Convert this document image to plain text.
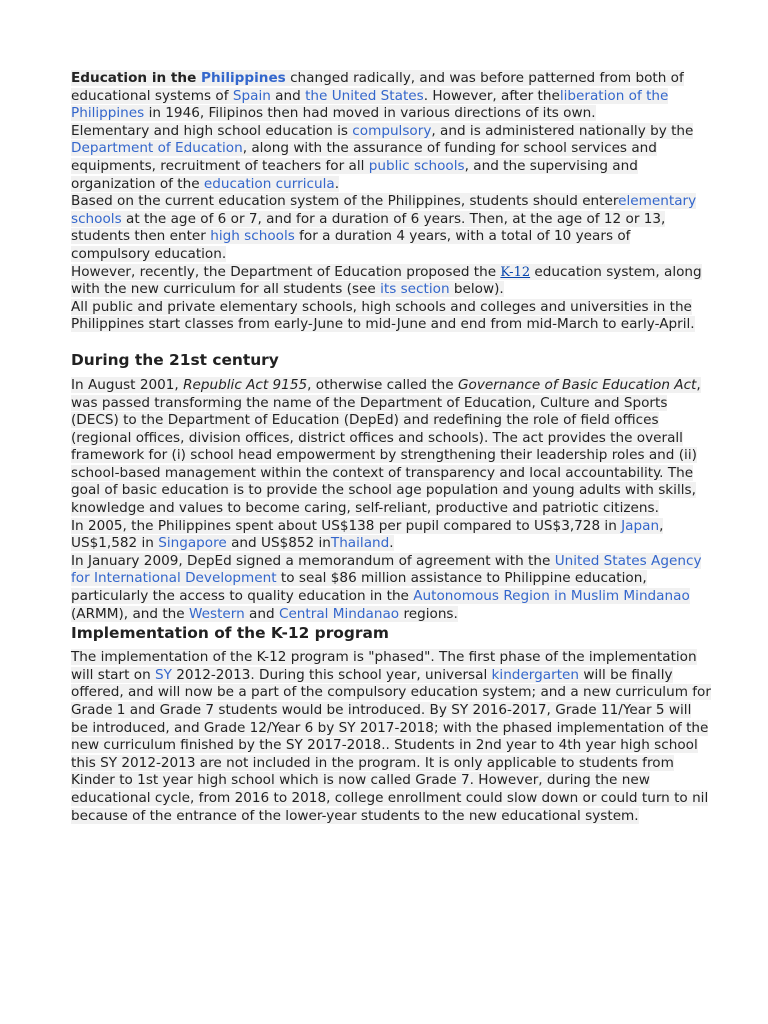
Education in the Philippines changed radically, and was before patterned from both of educational systems of Spain and the United States. However, after theliberation of the Philippines in 1946, Filipinos then had moved in various directions of its own.

Elementary and high school education is compulsory, and is administered nationally by the Department of Education, along with the assurance of funding for school services and equipments, recruitment of teachers for all public schools, and the supervising and organization of the education curricula.

Based on the current education system of the Philippines, students should enterelementary schools at the age of 6 or 7, and for a duration of 6 years. Then, at the age of 12 or 13, students then enter high schools for a duration 4 years, with a total of 10 years of compulsory education.

However, recently, the Department of Education proposed the K-12 education system, along with the new curriculum for all students (see its section below).

All public and private elementary schools, high schools and colleges and universities in the Philippines start classes from early-June to mid-June and end from mid-March to early-April.

During the 21st century

In August 2001, Republic Act 9155, otherwise called the Governance of Basic Education Act, was passed transforming the name of the Department of Education, Culture and Sports (DECS) to the Department of Education (DepEd) and redefining the role of field offices (regional offices, division offices, district offices and schools). The act provides the overall framework for (i) school head empowerment by strengthening their leadership roles and (ii) school-based management within the context of transparency and local accountability. The goal of basic education is to provide the school age population and young adults with skills, knowledge and values to become caring, self-reliant, productive and patriotic citizens.

In 2005, the Philippines spent about US$138 per pupil compared to US$3,728 in Japan, US$1,582 in Singapore and US$852 inThailand.

In January 2009, DepEd signed a memorandum of agreement with the United States Agency for International Development to seal $86 million assistance to Philippine education, particularly the access to quality education in the Autonomous Region in Muslim Mindanao (ARMM), and the Western and Central Mindanao regions.

Implementation of the K-12 program

The implementation of the K-12 program is "phased". The first phase of the implementation will start on SY 2012-2013. During this school year, universal kindergarten will be finally offered, and will now be a part of the compulsory education system; and a new curriculum for Grade 1 and Grade 7 students would be introduced. By SY 2016-2017, Grade 11/Year 5 will be introduced, and Grade 12/Year 6 by SY 2017-2018; with the phased implementation of the new curriculum finished by the SY 2017-2018.. Students in 2nd year to 4th year high school this SY 2012-2013 are not included in the program. It is only applicable to students from Kinder to 1st year high school which is now called Grade 7. However, during the new educational cycle, from 2016 to 2018, college enrollment could slow down or could turn to nil because of the entrance of the lower-year students to the new educational system.
